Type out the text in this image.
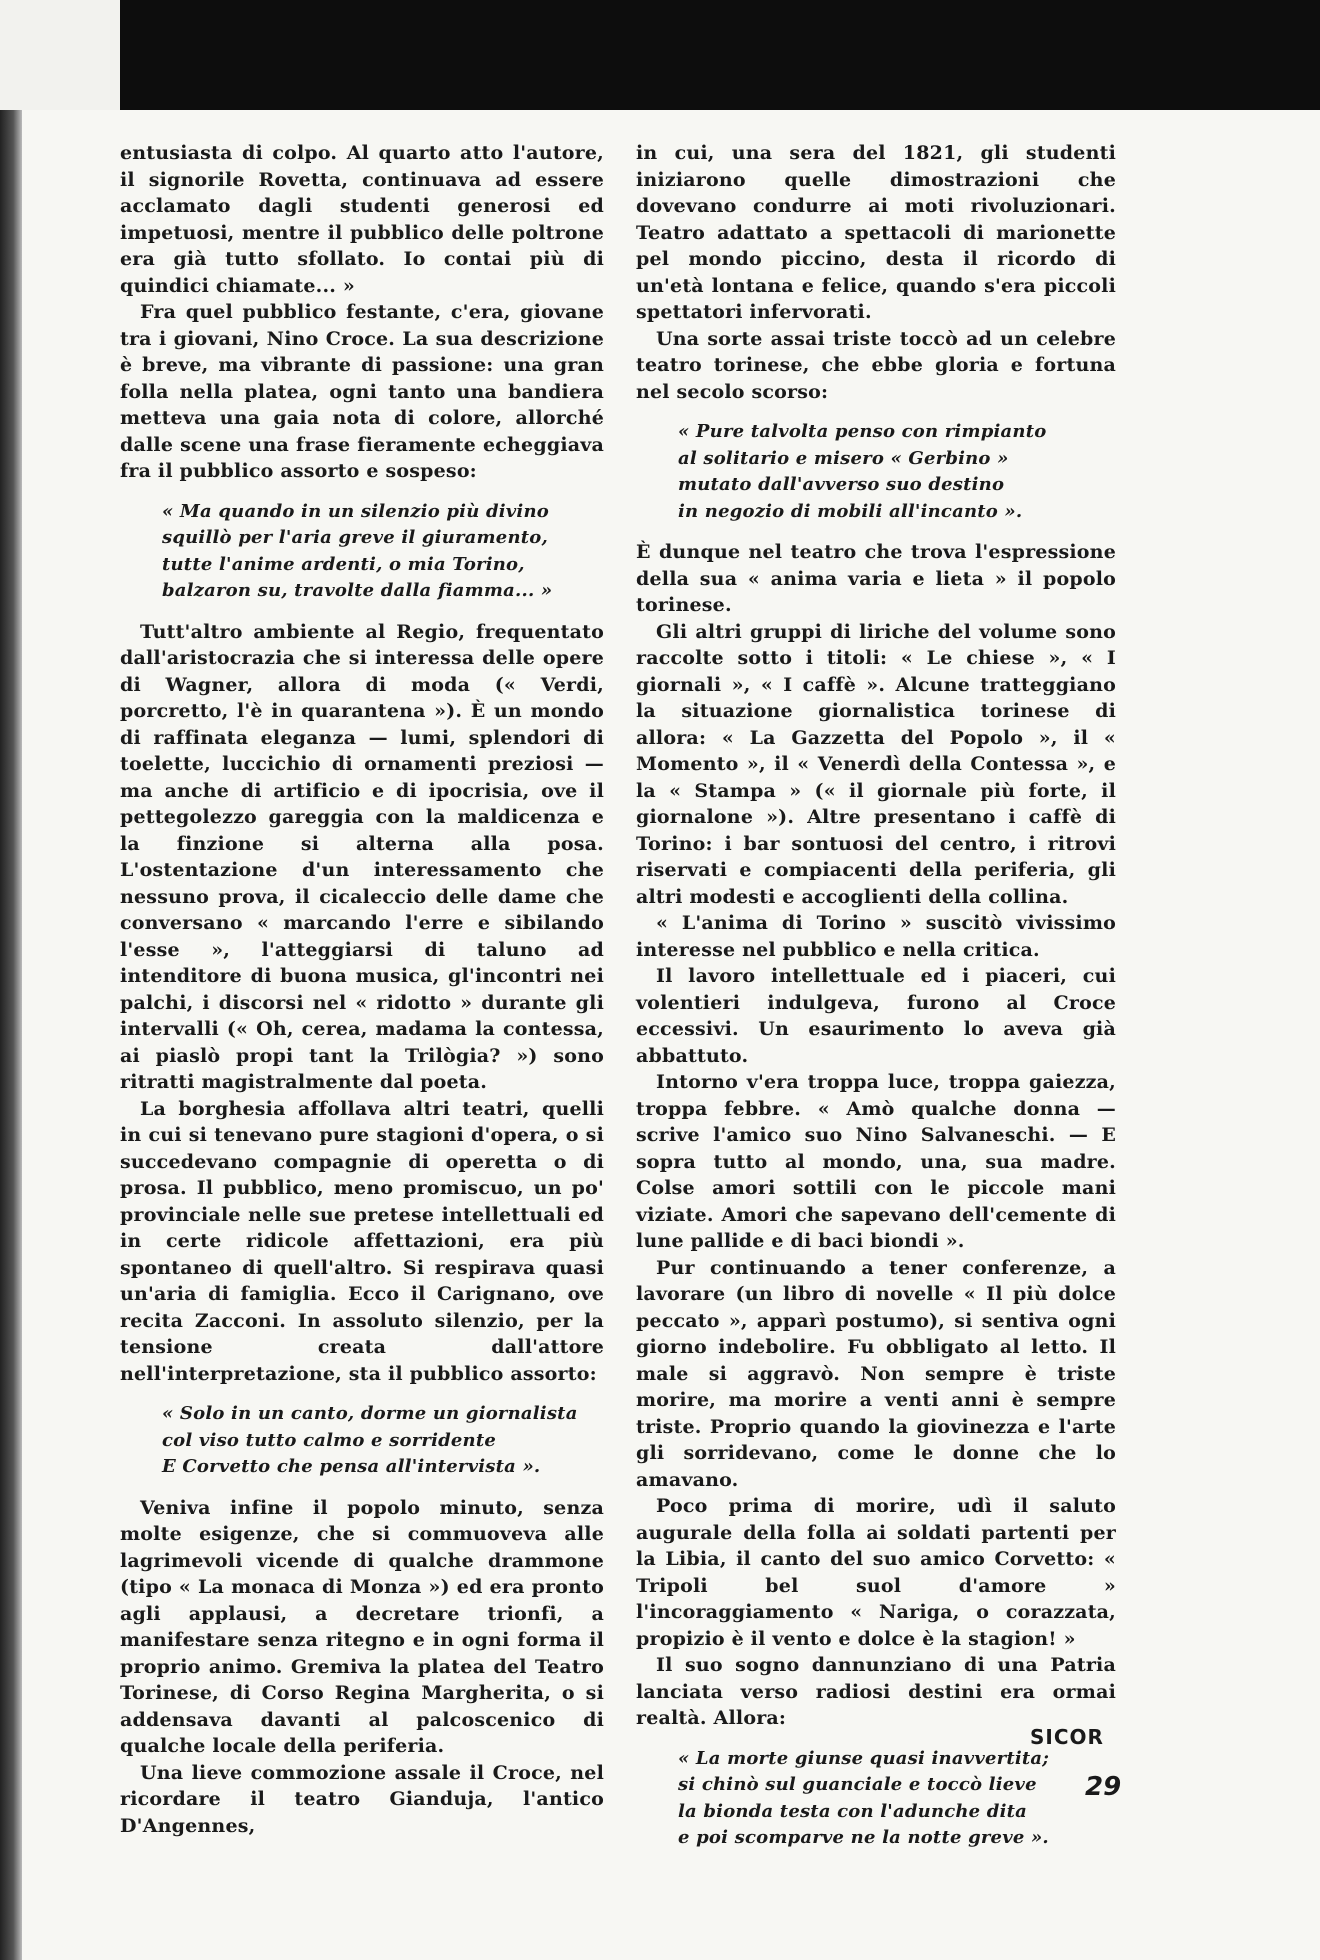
entusiasta di colpo. Al quarto atto l'autore, il signorile Rovetta, continuava ad essere acclamato dagli studenti generosi ed impetuosi, mentre il pubblico delle poltrone era già tutto sfollato. Io contai più di quindici chiamate... »

Fra quel pubblico festante, c'era, giovane tra i giovani, Nino Croce. La sua descrizione è breve, ma vibrante di passione: una gran folla nella platea, ogni tanto una bandiera metteva una gaia nota di colore, allorché dalle scene una frase fieramente echeggiava fra il pubblico assorto e sospeso:

« Ma quando in un silenzio più divino
squillò per l'aria greve il giuramento,
tutte l'anime ardenti, o mia Torino,
balzaron su, travolte dalla fiamma... »

Tutt'altro ambiente al Regio, frequentato dall'aristocrazia che si interessa delle opere di Wagner, allora di moda (« Verdi, porcretto, l'è in quarantena »). È un mondo di raffinata eleganza — lumi, splendori di toelette, luccichio di ornamenti preziosi — ma anche di artificio e di ipocrisia, ove il pettegolezzo gareggia con la maldicenza e la finzione si alterna alla posa. L'ostentazione d'un interessamento che nessuno prova, il cicaleccio delle dame che conversano « marcando l'erre e sibilando l'esse », l'atteggiarsi di taluno ad intenditore di buona musica, gl'incontri nei palchi, i discorsi nel « ridotto » durante gli intervalli (« Oh, cerea, madama la contessa, ai piaslò propi tant la Trilògia? ») sono ritratti magistralmente dal poeta.

La borghesia affollava altri teatri, quelli in cui si tenevano pure stagioni d'opera, o si succedevano compagnie di operetta o di prosa. Il pubblico, meno promiscuo, un po' provinciale nelle sue pretese intellettuali ed in certe ridicole affettazioni, era più spontaneo di quell'altro. Si respirava quasi un'aria di famiglia. Ecco il Carignano, ove recita Zacconi. In assoluto silenzio, per la tensione creata dall'attore nell'interpretazione, sta il pubblico assorto:

« Solo in un canto, dorme un giornalista
col viso tutto calmo e sorridente
E Corvetto che pensa all'intervista ».

Veniva infine il popolo minuto, senza molte esigenze, che si commuoveva alle lagrimevoli vicende di qualche drammone (tipo « La monaca di Monza ») ed era pronto agli applausi, a decretare trionfi, a manifestare senza ritegno e in ogni forma il proprio animo. Gremiva la platea del Teatro Torinese, di Corso Regina Margherita, o si addensava davanti al palcoscenico di qualche locale della periferia.

Una lieve commozione assale il Croce, nel ricordare il teatro Gianduja, l'antico D'Angennes,

in cui, una sera del 1821, gli studenti iniziarono quelle dimostrazioni che dovevano condurre ai moti rivoluzionari. Teatro adattato a spettacoli di marionette pel mondo piccino, desta il ricordo di un'età lontana e felice, quando s'era piccoli spettatori infervorati.

Una sorte assai triste toccò ad un celebre teatro torinese, che ebbe gloria e fortuna nel secolo scorso:

« Pure talvolta penso con rimpianto
al solitario e misero « Gerbino »
mutato dall'avverso suo destino
in negozio di mobili all'incanto ».

È dunque nel teatro che trova l'espressione della sua « anima varia e lieta » il popolo torinese.

Gli altri gruppi di liriche del volume sono raccolte sotto i titoli: « Le chiese », « I giornali », « I caffè ». Alcune tratteggiano la situazione giornalistica torinese di allora: « La Gazzetta del Popolo », il « Momento », il « Venerdì della Contessa », e la « Stampa » (« il giornale più forte, il giornalone »). Altre presentano i caffè di Torino: i bar sontuosi del centro, i ritrovi riservati e compiacenti della periferia, gli altri modesti e accoglienti della collina.

« L'anima di Torino » suscitò vivissimo interesse nel pubblico e nella critica.

Il lavoro intellettuale ed i piaceri, cui volentieri indulgeva, furono al Croce eccessivi. Un esaurimento lo aveva già abbattuto.

Intorno v'era troppa luce, troppa gaiezza, troppa febbre. « Amò qualche donna — scrive l'amico suo Nino Salvaneschi. — E sopra tutto al mondo, una, sua madre. Colse amori sottili con le piccole mani viziate. Amori che sapevano dell'cemente di lune pallide e di baci biondi ».

Pur continuando a tener conferenze, a lavorare (un libro di novelle « Il più dolce peccato », apparì postumo), si sentiva ogni giorno indebolire. Fu obbligato al letto. Il male si aggravò. Non sempre è triste morire, ma morire a venti anni è sempre triste. Proprio quando la giovinezza e l'arte gli sorridevano, come le donne che lo amavano.

Poco prima di morire, udì il saluto augurale della folla ai soldati partenti per la Libia, il canto del suo amico Corvetto: « Tripoli bel suol d'amore » l'incoraggiamento « Nariga, o corazzata, propizio è il vento e dolce è la stagion! »

Il suo sogno dannunziano di una Patria lanciata verso radiosi destini era ormai realtà. Allora:

« La morte giunse quasi inavvertita;
si chinò sul guanciale e toccò lieve
la bionda testa con l'adunche dita
e poi scomparve ne la notte greve ».
SICOR
29
